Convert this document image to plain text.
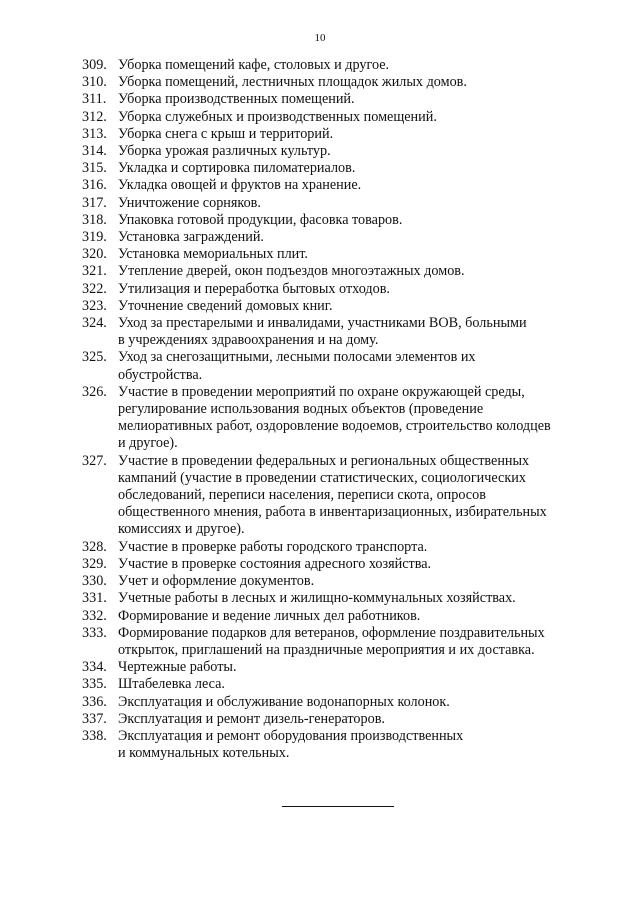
10
309. Уборка помещений кафе, столовых и другое.
310. Уборка помещений, лестничных площадок жилых домов.
311. Уборка производственных помещений.
312. Уборка служебных и производственных помещений.
313. Уборка снега с крыш и территорий.
314. Уборка урожая различных культур.
315. Укладка и сортировка пиломатериалов.
316. Укладка овощей и фруктов на хранение.
317. Уничтожение сорняков.
318. Упаковка готовой продукции, фасовка товаров.
319. Установка заграждений.
320. Установка мемориальных плит.
321. Утепление дверей, окон подъездов многоэтажных домов.
322. Утилизация и переработка бытовых отходов.
323. Уточнение сведений домовых книг.
324. Уход за престарелыми и инвалидами, участниками ВОВ, больными
в учреждениях здравоохранения и на дому.
325. Уход за снегозащитными, лесными полосами элементов их
обустройства.
326. Участие в проведении мероприятий по охране окружающей среды,
регулирование использования водных объектов (проведение
мелиоративных работ, оздоровление водоемов, строительство колодцев
и другое).
327. Участие в проведении федеральных и региональных общественных
кампаний (участие в проведении статистических, социологических
обследований, переписи населения, переписи скота, опросов
общественного мнения, работа в инвентаризационных, избирательных
комиссиях и другое).
328. Участие в проверке работы городского транспорта.
329. Участие в проверке состояния адресного хозяйства.
330. Учет и оформление документов.
331. Учетные работы в лесных и жилищно-коммунальных хозяйствах.
332. Формирование и ведение личных дел работников.
333. Формирование подарков для ветеранов, оформление поздравительных
открыток, приглашений на праздничные мероприятия и их доставка.
334. Чертежные работы.
335. Штабелевка леса.
336. Эксплуатация и обслуживание водонапорных колонок.
337. Эксплуатация и ремонт дизель-генераторов.
338. Эксплуатация и ремонт оборудования производственных
и коммунальных котельных.
